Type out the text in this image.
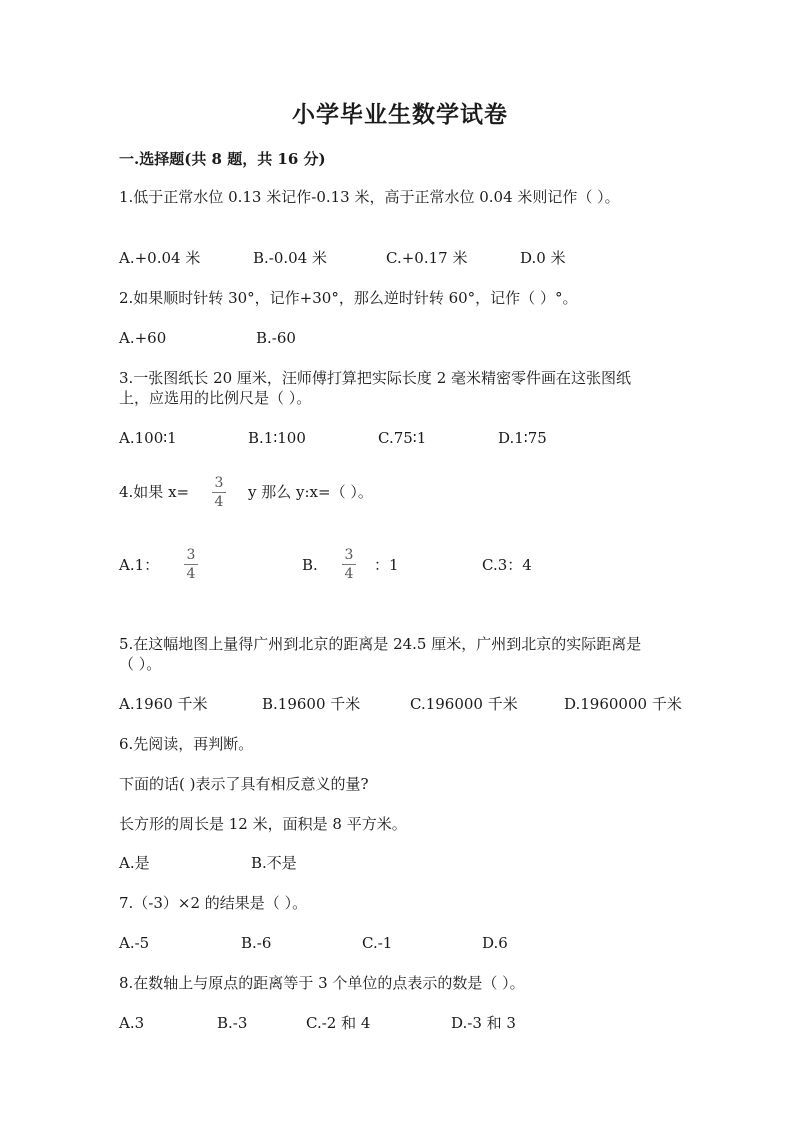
小学毕业生数学试卷
一.选择题(共 8 题，共 16 分)
1.低于正常水位 0.13 米记作-0.13 米，高于正常水位 0.04 米则记作（ ）。
A.+0.04 米	B.-0.04 米	C.+0.17 米	D.0 米
2.如果顺时针转 30°，记作+30°，那么逆时针转 60°，记作（ ）°。
A.+60	B.-60
3.一张图纸长 20 厘米，汪师傅打算把实际长度 2 毫米精密零件画在这张图纸
上，应选用的比例尺是（ ）。
A.100∶1	B.1∶100	C.75∶1	D.1∶75
4.如果 x= 3
4
y 那么 y:x=（ ）。
A.1：
3
4	B.
3
4 ：1	C.3：4
5.在这幅地图上量得广州到北京的距离是 24.5 厘米，广州到北京的实际距离是
（ ）。
A.1960 千米	B.19600 千米	C.196000 千米	D.1960000 千米
6.先阅读，再判断。
下面的话( )表示了具有相反意义的量?
长方形的周长是 12 米，面积是 8 平方米。
A.是	B.不是
7.（-3）×2 的结果是（ ）。
A.-5	B.-6	C.-1	D.6
8.在数轴上与原点的距离等于 3 个单位的点表示的数是（ ）。
A.3	B.-3	C.-2 和 4	D.-3 和 3
